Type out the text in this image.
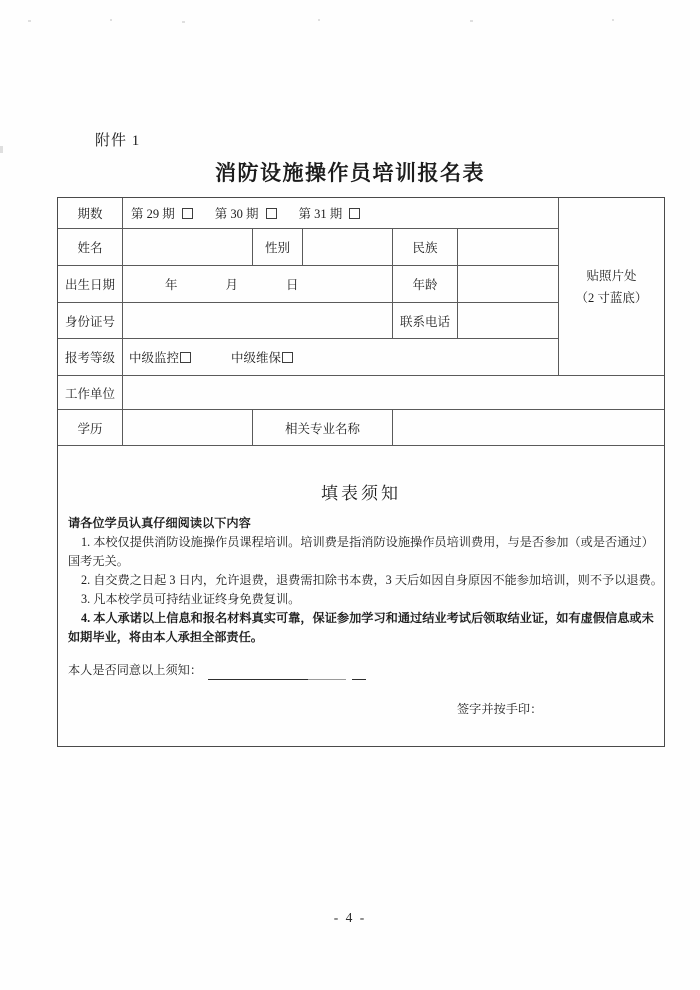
附件 1
消防设施操作员培训报名表
期数	第 29 期	第 30 期	第 31 期
贴照片处
（2 寸蓝底）
姓名	性别	民族
出生日期	年	月	日	年龄
身份证号	联系电话
报考等级	中级监控	中级维保
工作单位
学历	相关专业名称
填表须知
请各位学员认真仔细阅读以下内容
1. 本校仅提供消防设施操作员课程培训。培训费是指消防设施操作员培训费用，与是否参加（或是否通过）
国考无关。
2. 自交费之日起 3 日内，允许退费，退费需扣除书本费，3 天后如因自身原因不能参加培训，则不予以退费。
3. 凡本校学员可持结业证终身免费复训。
4. 本人承诺以上信息和报名材料真实可靠，保证参加学习和通过结业考试后领取结业证，如有虚假信息或未
如期毕业，将由本人承担全部责任。
本人是否同意以上须知：
签字并按手印：
- 4 -
